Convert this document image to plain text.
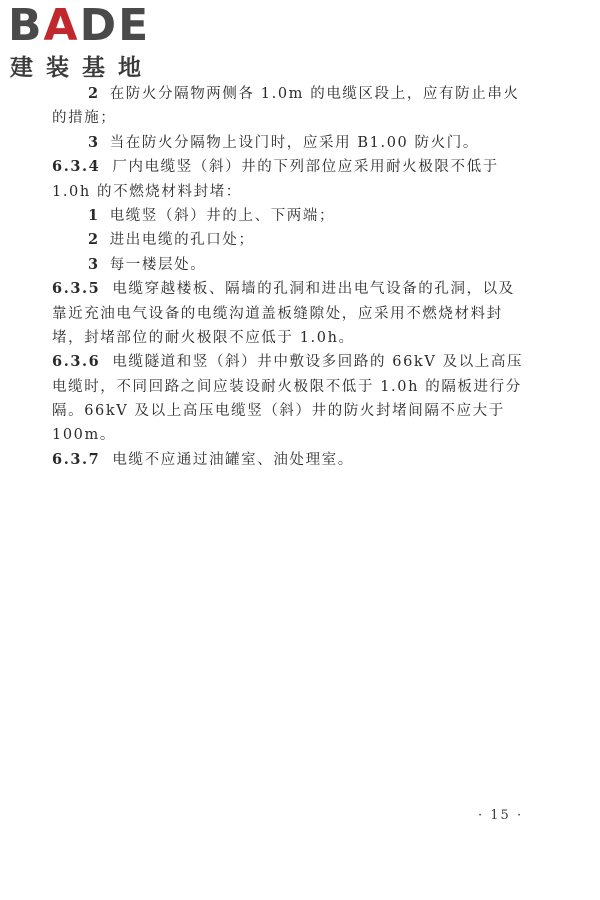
BADE
建装基地
2 在防火分隔物两侧各 1.0m 的电缆区段上，应有防止串火
的措施；
3 当在防火分隔物上设门时，应采用 B1.00 防火门。
6.3.4 厂内电缆竖（斜）井的下列部位应采用耐火极限不低于
1.0h 的不燃烧材料封堵：
1 电缆竖（斜）井的上、下两端；
2 进出电缆的孔口处；
3 每一楼层处。
6.3.5 电缆穿越楼板、隔墙的孔洞和进出电气设备的孔洞，以及
靠近充油电气设备的电缆沟道盖板缝隙处，应采用不燃烧材料封
堵，封堵部位的耐火极限不应低于 1.0h。
6.3.6 电缆隧道和竖（斜）井中敷设多回路的 66kV 及以上高压
电缆时，不同回路之间应装设耐火极限不低于 1.0h 的隔板进行分
隔。66kV 及以上高压电缆竖（斜）井的防火封堵间隔不应大于
100m。
6.3.7 电缆不应通过油罐室、油处理室。
· 15 ·
